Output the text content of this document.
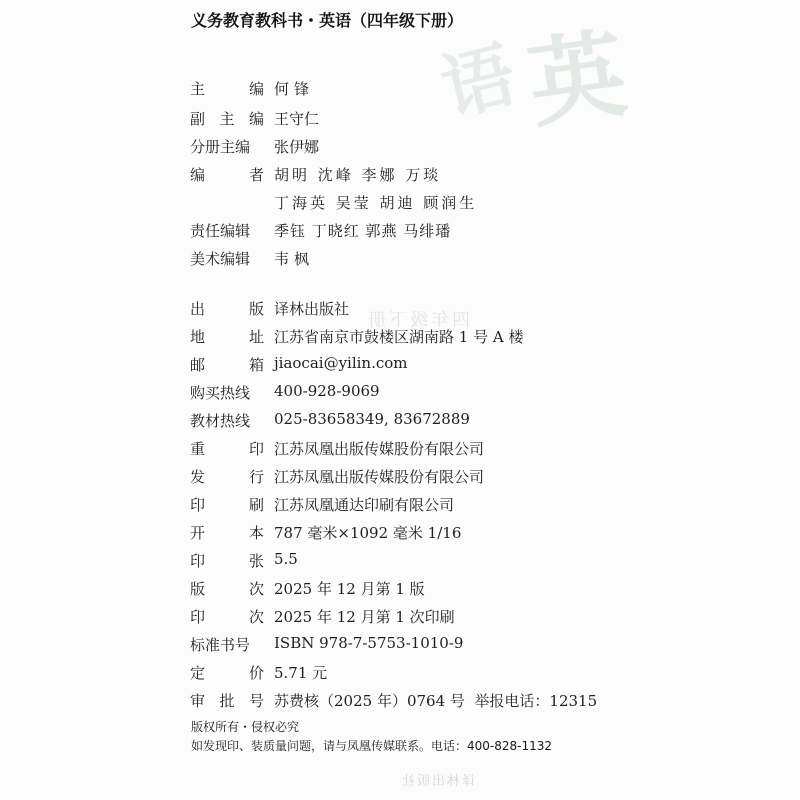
语
英
四年级下册
译林出版社
义务教育教科书・英语（四年级下册）
主	编 何锋
副 主 编 王守仁
分册主编	张伊娜
编	者 胡明 沈峰 李娜 万琰
丁海英 吴莹 胡迪 顾润生
责任编辑	季钰 丁晓红 郭燕 马绯璠
美术编辑	韦枫
出	版 译林出版社
地	址 江苏省南京市鼓楼区湖南路 1 号 A 楼
邮	箱 jiaocai@yilin.com
购买热线	400-928-9069
教材热线	025-83658349, 83672889
重	印 江苏凤凰出版传媒股份有限公司
发	行 江苏凤凰出版传媒股份有限公司
印	刷 江苏凤凰通达印刷有限公司
开	本 787 毫米×1092 毫米 1/16
印	张 5.5
版	次 2025 年 12 月第 1 版
印	次 2025 年 12 月第 1 次印刷
标准书号	ISBN 978-7-5753-1010-9
定	价 5.71 元
审 批 号 苏费核（2025 年）0764 号  举报电话：12315
版权所有・侵权必究
如发现印、装质量问题，请与凤凰传媒联系。电话：400-828-1132
